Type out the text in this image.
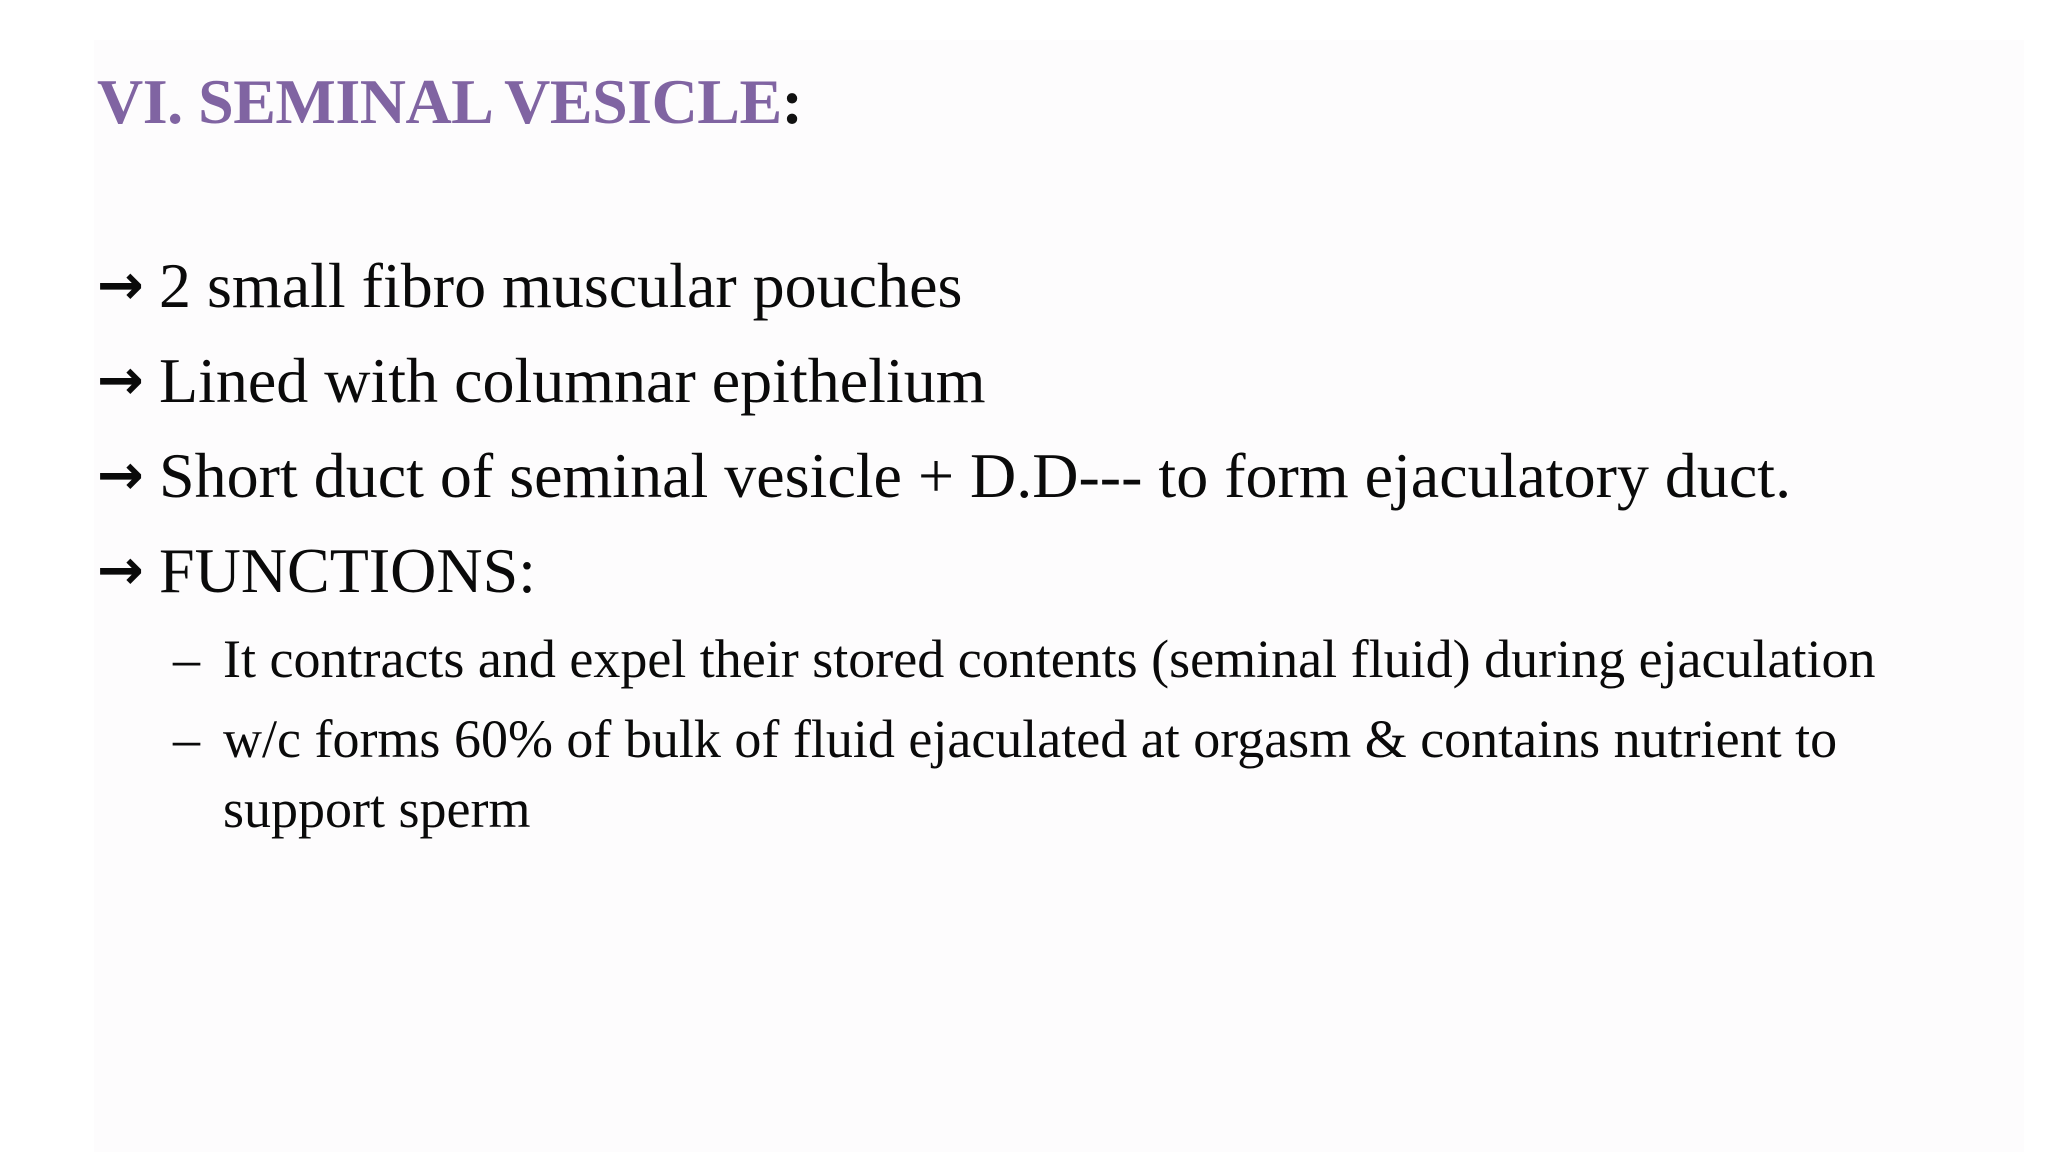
VI. SEMINAL VESICLE:
→ 2 small fibro muscular pouches
→ Lined with columnar epithelium
→ Short duct of seminal vesicle + D.D--- to form ejaculatory duct.
→ FUNCTIONS:
– It contracts and expel their stored contents (seminal fluid) during ejaculation
– w/c forms 60% of bulk of fluid ejaculated at orgasm & contains nutrient to support sperm
